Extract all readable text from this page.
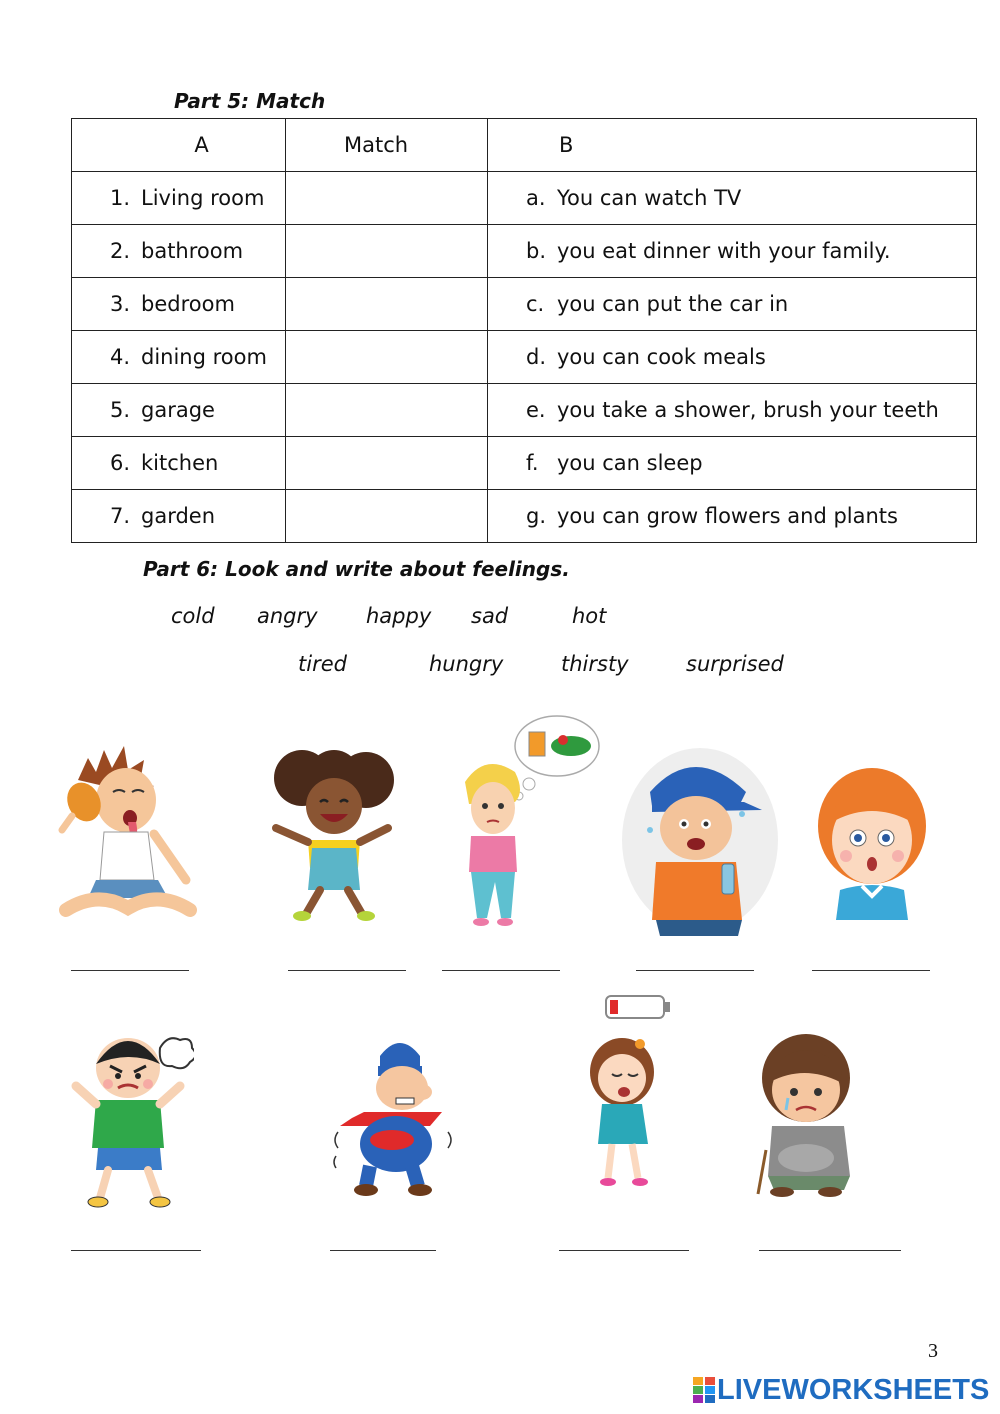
Part 5: Match
A	Match	B
1. Living room		a. You can watch TV
2. bathroom		b. you eat dinner with your family.
3. bedroom		c. you can put the car in
4. dining room		d. you can cook meals
5. garage		e. you take a shower, brush your teeth
6. kitchen		f. you can sleep
7. garden		g. you can grow flowers and plants
Part 6: Look and write about feelings.
cold angry happy sad	hot
tired	hungry	thirsty	surprised
3
LIVEWORKSHEETS
